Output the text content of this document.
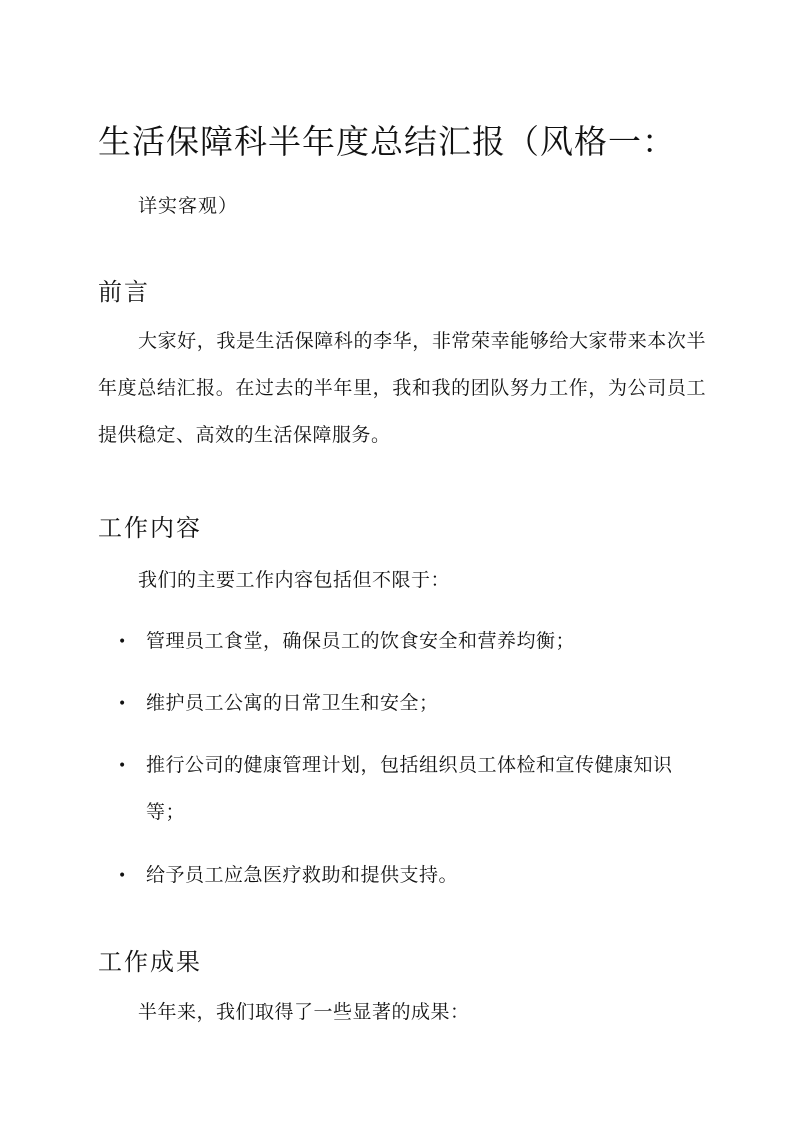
生活保障科半年度总结汇报（风格一：
详实客观）
前言

大家好，我是生活保障科的李华，非常荣幸能够给大家带来本次半年度总结汇报。在过去的半年里，我和我的团队努力工作，为公司员工提供稳定、高效的生活保障服务。

工作内容
我们的主要工作内容包括但不限于：
•	管理员工食堂，确保员工的饮食安全和营养均衡；
•	维护员工公寓的日常卫生和安全；
•	推行公司的健康管理计划，包括组织员工体检和宣传健康知识等；
•	给予员工应急医疗救助和提供支持。
工作成果
半年来，我们取得了一些显著的成果：
